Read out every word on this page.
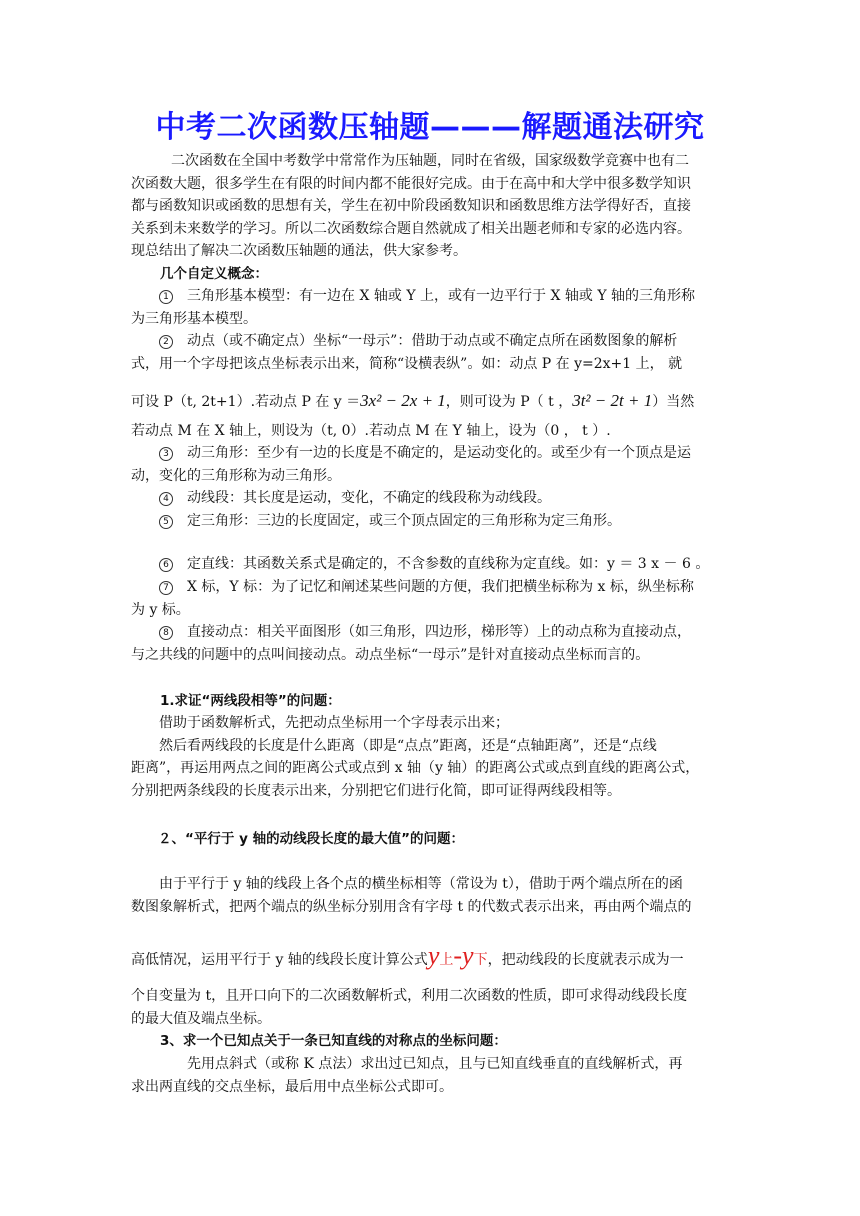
中考二次函数压轴题———解题通法研究
二次函数在全国中考数学中常常作为压轴题，同时在省级，国家级数学竞赛中也有二
次函数大题，很多学生在有限的时间内都不能很好完成。由于在高中和大学中很多数学知识
都与函数知识或函数的思想有关，学生在初中阶段函数知识和函数思维方法学得好否，直接
关系到未来数学的学习。所以二次函数综合题自然就成了相关出题老师和专家的必选内容。
现总结出了解决二次函数压轴题的通法，供大家参考。
几个自定义概念：
1 三角形基本模型：有一边在 X 轴或 Y 上，或有一边平行于 X 轴或 Y 轴的三角形称
为三角形基本模型。
2 动点（或不确定点）坐标“一母示”：借助于动点或不确定点所在函数图象的解析
式，用一个字母把该点坐标表示出来，简称“设横表纵”。如：动点 P 在 y=2x+1 上， 就
可设 P（t, 2t+1）.若动点 P 在 y ＝3x² − 2x + 1，则可设为 P（ t ，3t² − 2t + 1）当然
若动点 M 在 X 轴上，则设为（t, 0）.若动点 M 在 Y 轴上，设为（0 ， t ）.
3 动三角形：至少有一边的长度是不确定的，是运动变化的。或至少有一个顶点是运
动，变化的三角形称为动三角形。
4 动线段：其长度是运动，变化，不确定的线段称为动线段。
5 定三角形：三边的长度固定，或三个顶点固定的三角形称为定三角形。
6 定直线：其函数关系式是确定的，不含参数的直线称为定直线。如：y ＝ 3 x － 6 。
7 X 标，Y 标：为了记忆和阐述某些问题的方便，我们把横坐标称为 x 标，纵坐标称
为 y 标。
8 直接动点：相关平面图形（如三角形，四边形，梯形等）上的动点称为直接动点，
与之共线的问题中的点叫间接动点。动点坐标“一母示”是针对直接动点坐标而言的。
1.求证“两线段相等”的问题：
借助于函数解析式，先把动点坐标用一个字母表示出来；
然后看两线段的长度是什么距离（即是“点点”距离，还是“点轴距离”，还是“点线
距离”，再运用两点之间的距离公式或点到 x 轴（y 轴）的距离公式或点到直线的距离公式，
分别把两条线段的长度表示出来，分别把它们进行化简，即可证得两线段相等。
２、“平行于 y 轴的动线段长度的最大值”的问题：
由于平行于 y 轴的线段上各个点的横坐标相等（常设为 t），借助于两个端点所在的函
数图象解析式，把两个端点的纵坐标分别用含有字母 t 的代数式表示出来，再由两个端点的
高低情况，运用平行于 y 轴的线段长度计算公式y上-y下，把动线段的长度就表示成为一
个自变量为 t，且开口向下的二次函数解析式，利用二次函数的性质，即可求得动线段长度
的最大值及端点坐标。
3、求一个已知点关于一条已知直线的对称点的坐标问题：
先用点斜式（或称 K 点法）求出过已知点，且与已知直线垂直的直线解析式，再
求出两直线的交点坐标，最后用中点坐标公式即可。
